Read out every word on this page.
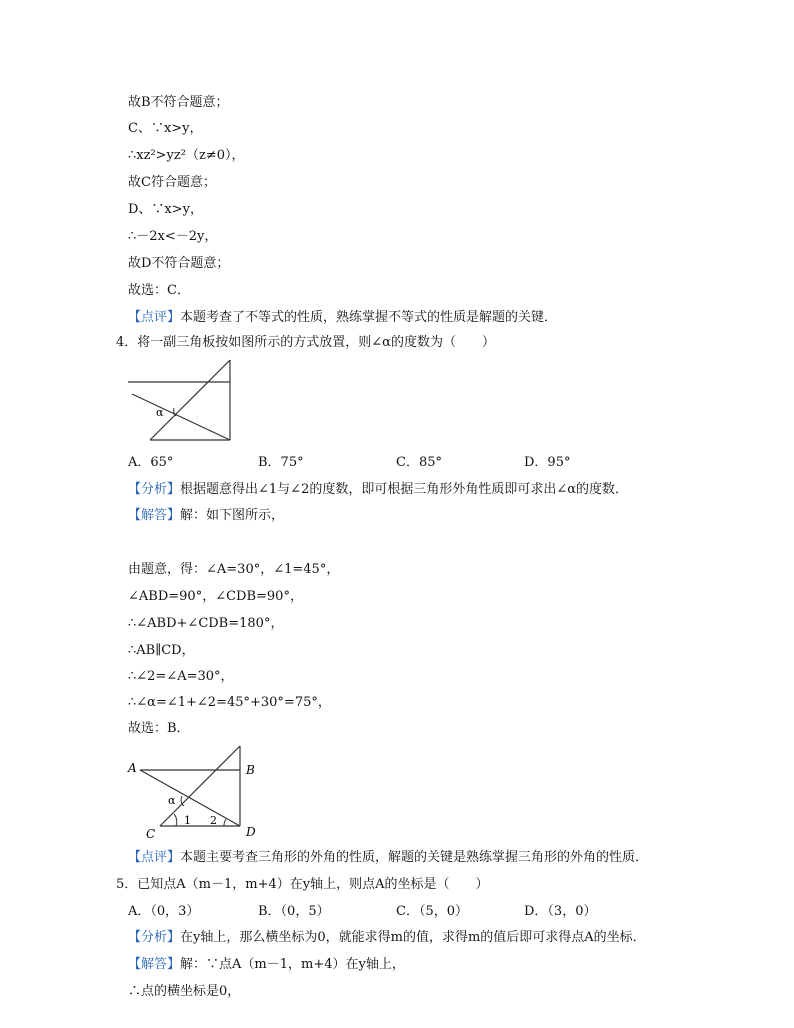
故B不符合题意；
C、∵x>y，
∴xz²>yz²（z≠0），
故C符合题意；
D、∵x>y，
∴－2x<－2y，
故D不符合题意；
故选：C．
【点评】本题考查了不等式的性质，熟练掌握不等式的性质是解题的关键．
4．将一副三角板按如图所示的方式放置，则∠α的度数为（　　）
α
A．65°	B．75°	C．85°	D．95°
【分析】根据题意得出∠1与∠2的度数，即可根据三角形外角性质即可求出∠α的度数．
【解答】解：如下图所示，
由题意，得：∠A=30°，∠1=45°，
∠ABD=90°，∠CDB=90°，
∴∠ABD+∠CDB=180°，
∴AB∥CD，
∴∠2=∠A=30°，
∴∠α=∠1+∠2=45°+30°=75°，
故选：B．
A	B
C	D
α
1 2
【点评】本题主要考查三角形的外角的性质，解题的关键是熟练掌握三角形的外角的性质．
5．已知点A（m－1，m+4）在y轴上，则点A的坐标是（　　）
A．（0，3）	B．（0，5）	C．（5，0）	D．（3，0）
【分析】在y轴上，那么横坐标为0，就能求得m的值，求得m的值后即可求得点A的坐标．
【解答】解：∵点A（m－1，m+4）在y轴上，
∴点的横坐标是0，
